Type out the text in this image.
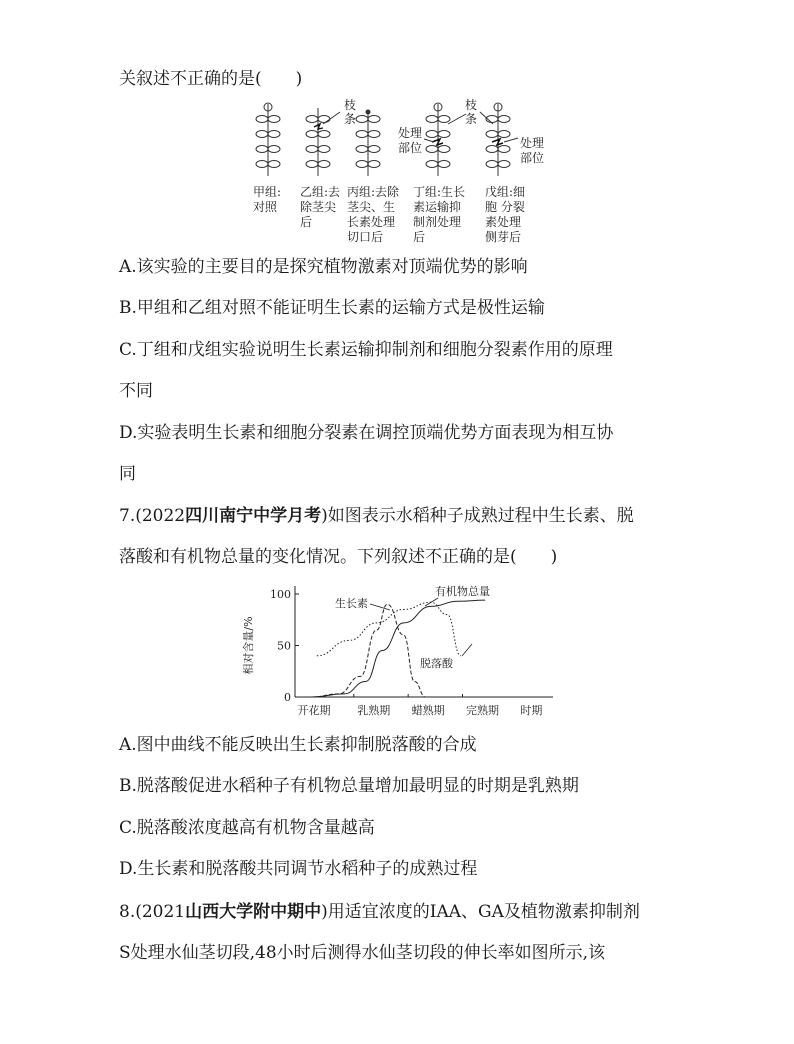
关叙述不正确的是(　　)
枝
条
枝
条
处理
部位	处理
部位
甲组:
对照
乙组:去
除茎尖
后
丙组:去除
茎尖、生
长素处理
切口后
丁组:生长
素运输抑
制剂处理
后
戊组:细
胞 分裂
素处理
侧芽后
A.该实验的主要目的是探究植物激素对顶端优势的影响
B.甲组和乙组对照不能证明生长素的运输方式是极性运输
C.丁组和戊组实验说明生长素运输抑制剂和细胞分裂素作用的原理
不同
D.实验表明生长素和细胞分裂素在调控顶端优势方面表现为相互协
同
7.(2022四川南宁中学月考)如图表示水稻种子成熟过程中生长素、脱
落酸和有机物总量的变化情况。下列叙述不正确的是(　　)
100
50
0
相对含量/%
开花期 乳熟期 蜡熟期 完熟期 时期
生长素
有机物总量
脱落酸
A.图中曲线不能反映出生长素抑制脱落酸的合成
B.脱落酸促进水稻种子有机物总量增加最明显的时期是乳熟期
C.脱落酸浓度越高有机物含量越高
D.生长素和脱落酸共同调节水稻种子的成熟过程
8.(2021山西大学附中期中)用适宜浓度的IAA、GA及植物激素抑制剂
S处理水仙茎切段,48小时后测得水仙茎切段的伸长率如图所示,该
